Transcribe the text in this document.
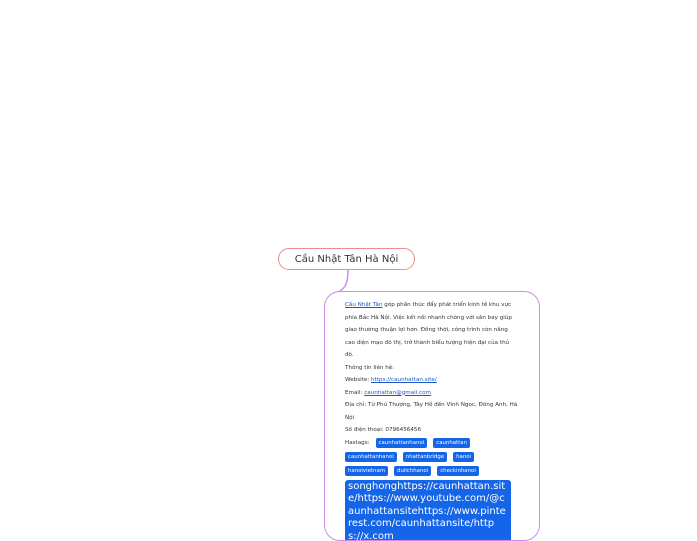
Cầu Nhật Tân Hà Nội

Cầu Nhật Tân góp phần thúc đẩy phát triển kinh tế khu vực phía Bắc Hà Nội. Việc kết nối nhanh chóng với sân bay giúp giao thương thuận lợi hơn. Đồng thời, công trình còn nâng cao diện mạo đô thị, trở thành biểu tượng hiện đại của thủ đô.

Thông tin liên hệ:

Website: https://caunhattan.site/

Email: caunhattan@gmail.com

Địa chỉ: Từ Phú Thượng, Tây Hồ đến Vĩnh Ngọc, Đông Anh, Hà Nội

Số điện thoại: 0796456456

Hastags:	caunhattanhanoi	caunhattan
caunhattanhanoi	nhattanbridge	hanoi
hanoivietnam	dulichhanoi	checkinhanoi
songhonghttps://caunhattan.site/https://www.youtube.com/@caunhattansitehttps://www.pinterest.com/caunhattansite/https://x.com
